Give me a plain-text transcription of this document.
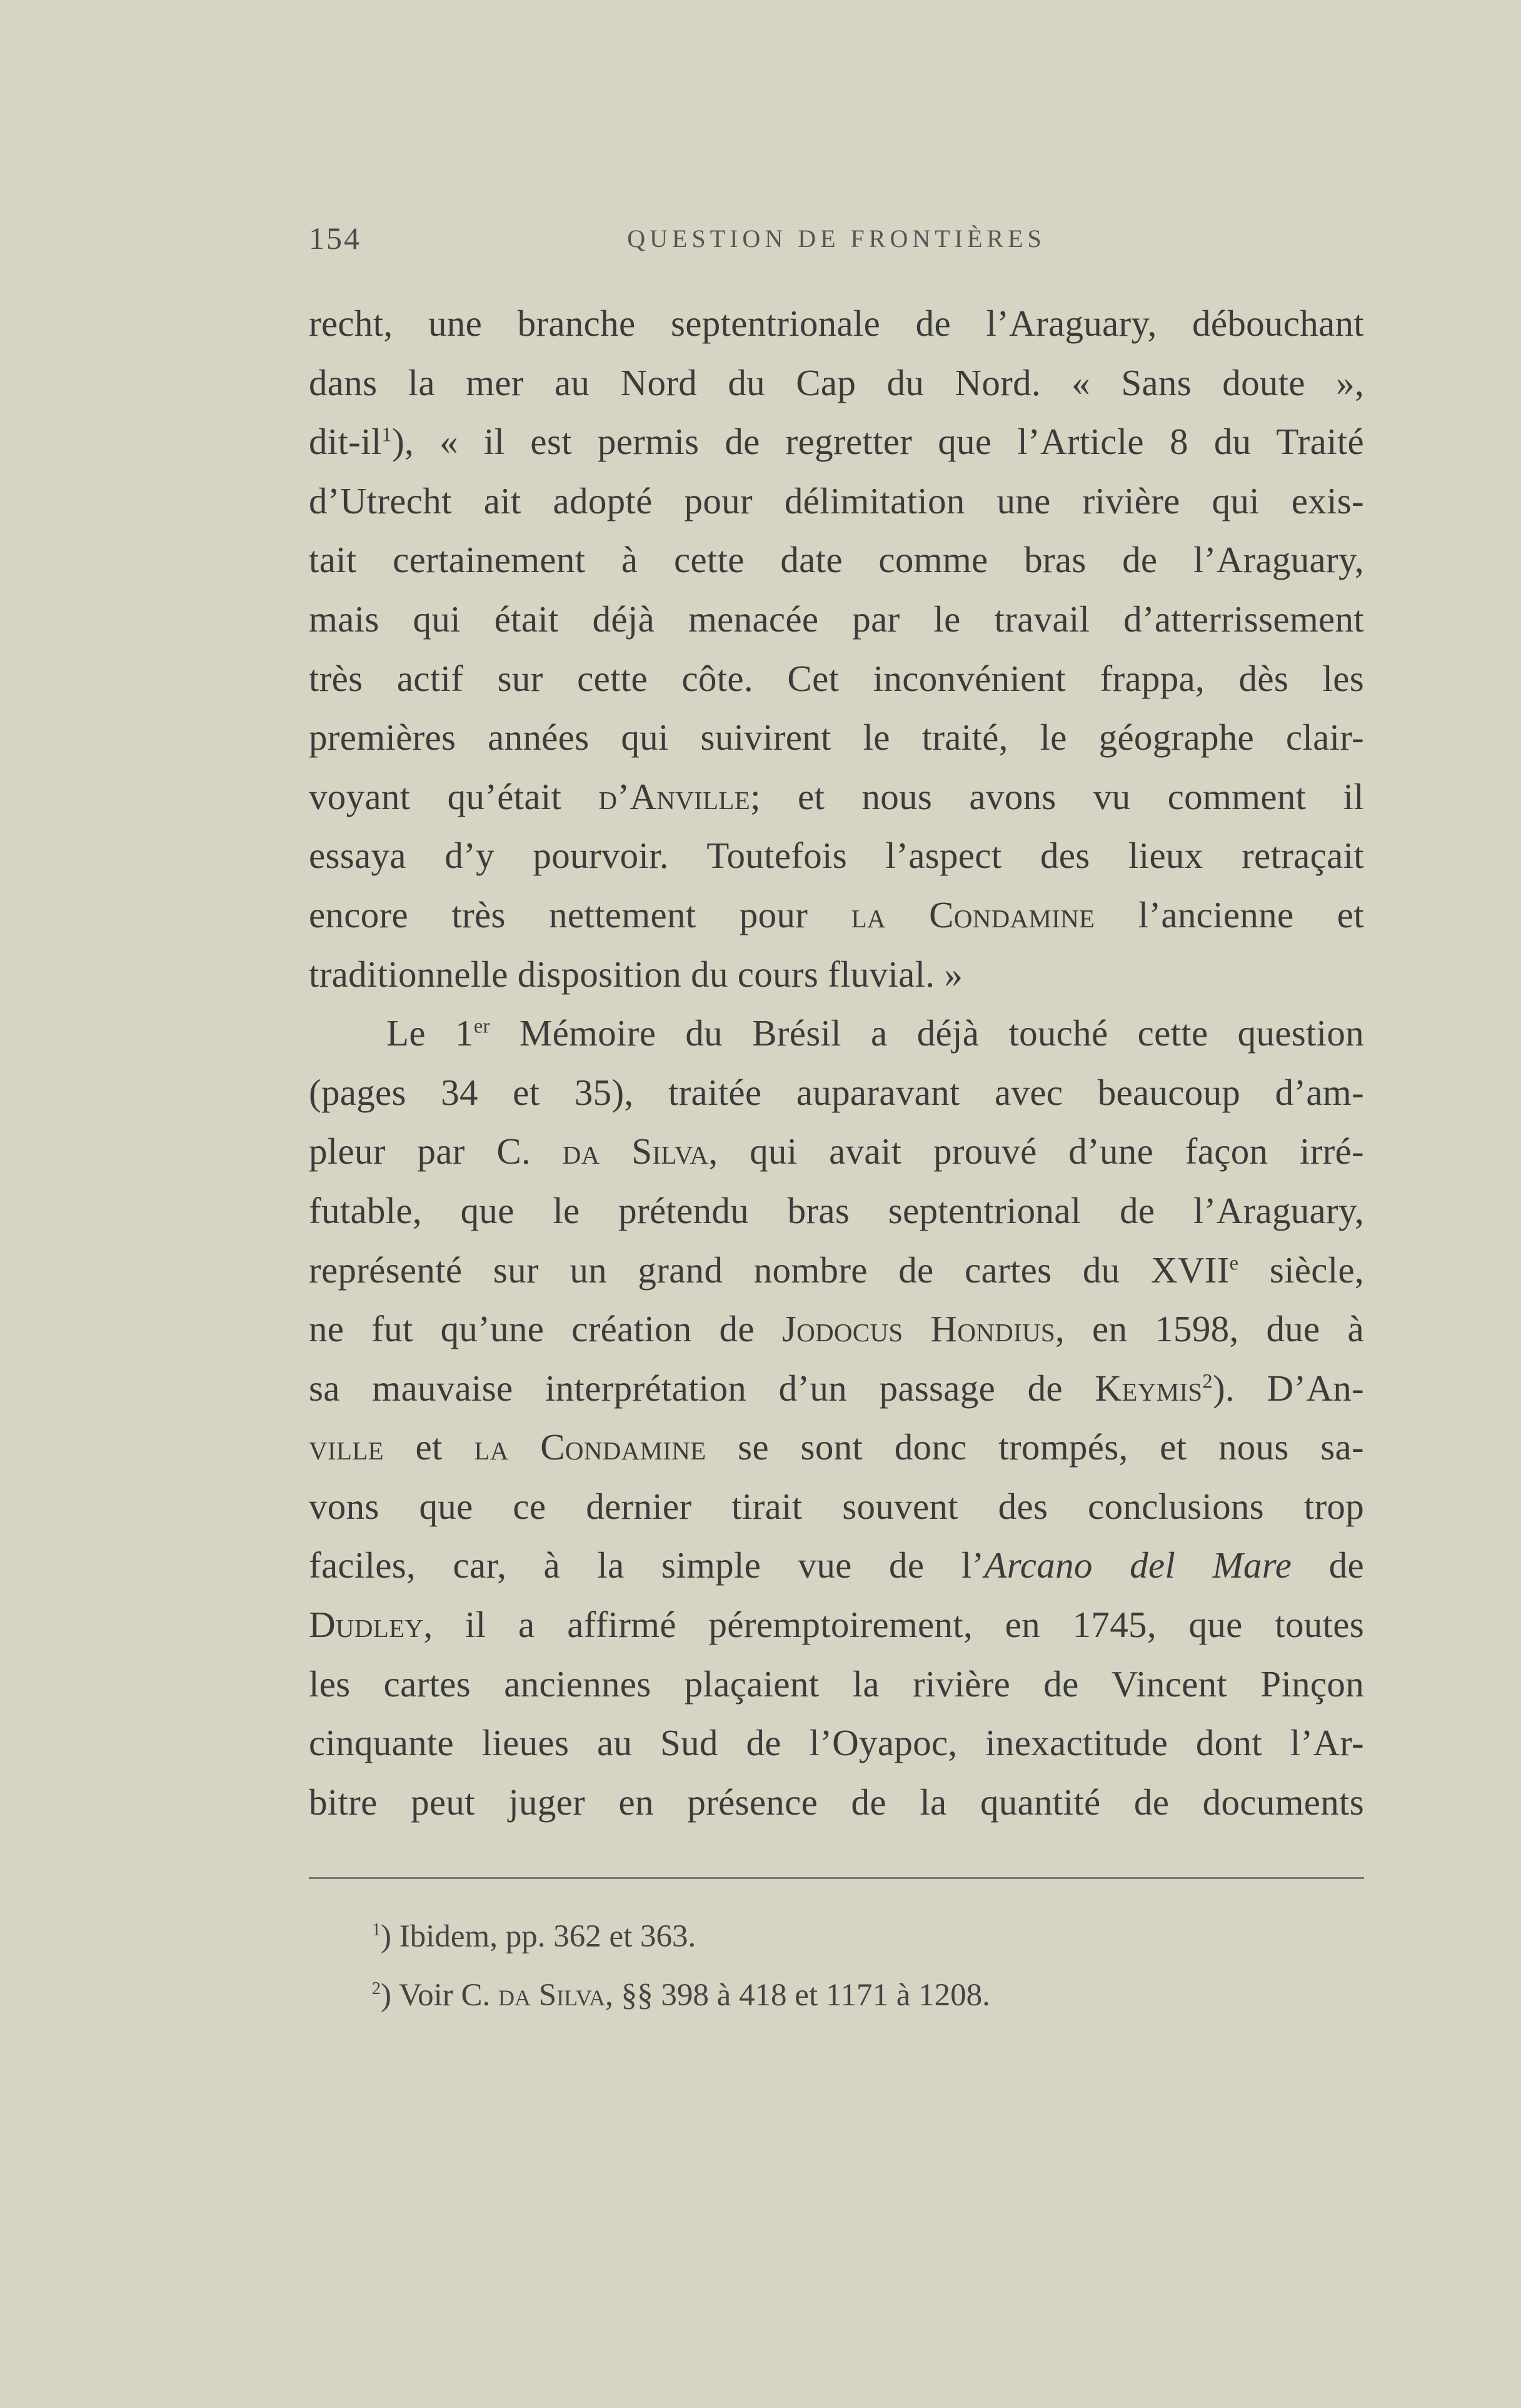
154	QUESTION DE FRONTIÈRES
recht, une branche septentrionale de l’Araguary, débouchant
dans la mer au Nord du Cap du Nord. « Sans doute »,
dit-$il^1$), « il est permis de regretter que l’Article 8 du Traité
d’Utrecht ait adopté pour délimitation une rivière qui exis-
tait certainement à cette date comme bras de l’Araguary,
mais qui était déjà menacée par le travail d’atterrissement
très actif sur cette côte. Cet inconvénient frappa, dès les
premières années qui suivirent le traité, le géographe clair-
voyant qu’était d’Anville; et nous avons vu comment il
essaya d’y pourvoir. Toutefois l’aspect des lieux retraçait
encore très nettement pour la Condamine l’ancienne et
traditionnelle disposition du cours fluvial. »
Le 1er Mémoire du Brésil a déjà touché cette question
(pages 34 et 35), traitée auparavant avec beaucoup d’am-
pleur par C. da Silva, qui avait prouvé d’une façon irré-
futable, que le prétendu bras septentrional de l’Araguary,
représenté sur un grand nombre de cartes du XVIIe siècle,
ne fut qu’une création de Jodocus Hondius, en 1598, due à
sa mauvaise interprétation d’un passage de Keymis$^2$). D’An-
ville et la Condamine se sont donc trompés, et nous sa-
vons que ce dernier tirait souvent des conclusions trop
faciles, car, à la simple vue de l’Arcano del Mare de
Dudley, il a affirmé péremptoirement, en 1745, que toutes
les cartes anciennes plaçaient la rivière de Vincent Pinçon
cinquante lieues au Sud de l’Oyapoc, inexactitude dont l’Ar-
bitre peut juger en présence de la quantité de documents
$^1$) Ibidem, pp. 362 et 363.
$^2$) Voir C. da Silva, §§ 398 à 418 et 1171 à 1208.
